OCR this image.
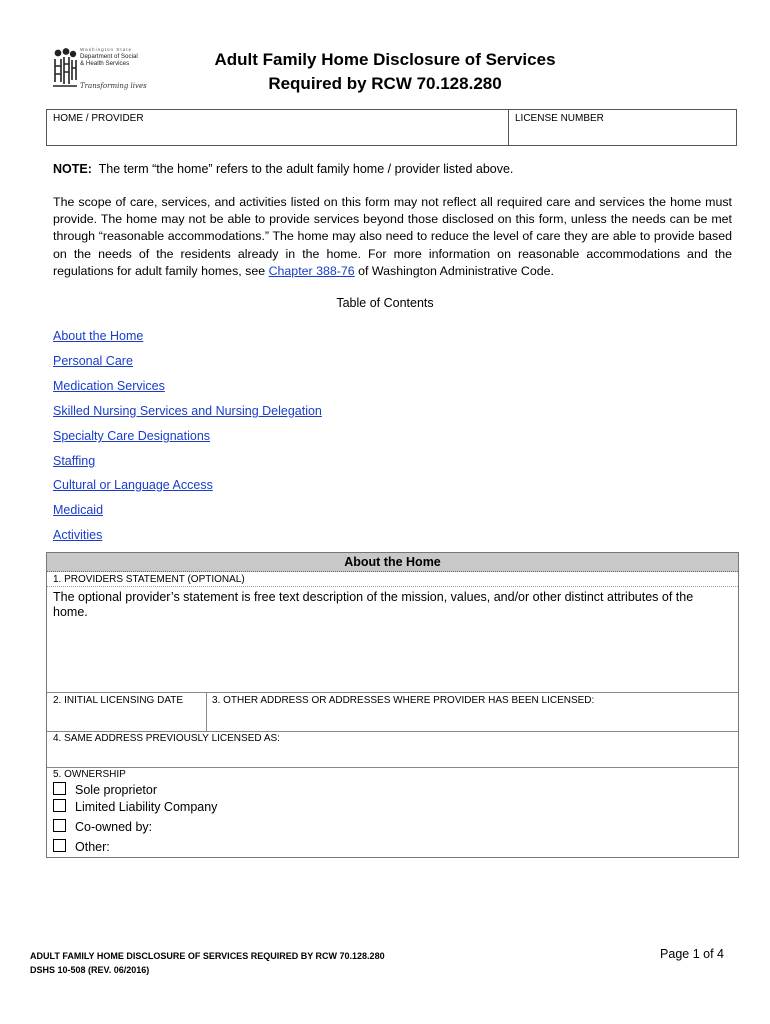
Washington State
Department of Social
& Health Services
Transforming lives
Adult Family Home Disclosure of Services
Required by RCW 70.128.280
HOME / PROVIDER	LICENSE NUMBER
NOTE: The term “the home” refers to the adult family home / provider listed above.
The scope of care, services, and activities listed on this form may not reflect all required care and services the home must provide. The home may not be able to provide services beyond those disclosed on this form, unless the needs can be met through “reasonable accommodations.” The home may also need to reduce the level of care they are able to provide based on the needs of the residents already in the home. For more information on reasonable accommodations and the regulations for adult family homes, see Chapter 388-76 of Washington Administrative Code.
Table of Contents
About the Home
Personal Care
Medication Services
Skilled Nursing Services and Nursing Delegation
Specialty Care Designations
Staffing
Cultural or Language Access
Medicaid
Activities
About the Home
1. PROVIDERS STATEMENT (OPTIONAL)
The optional provider’s statement is free text description of the mission, values, and/or other distinct attributes of the home.
2. INITIAL LICENSING DATE	3. OTHER ADDRESS OR ADDRESSES WHERE PROVIDER HAS BEEN LICENSED:
4. SAME ADDRESS PREVIOUSLY LICENSED AS:
5. OWNERSHIP
Sole proprietor
Limited Liability Company
Co-owned by:
Other:
ADULT FAMILY HOME DISCLOSURE OF SERVICES REQUIRED BY RCW 70.128.280
DSHS 10-508 (REV. 06/2016)
Page 1 of 4
